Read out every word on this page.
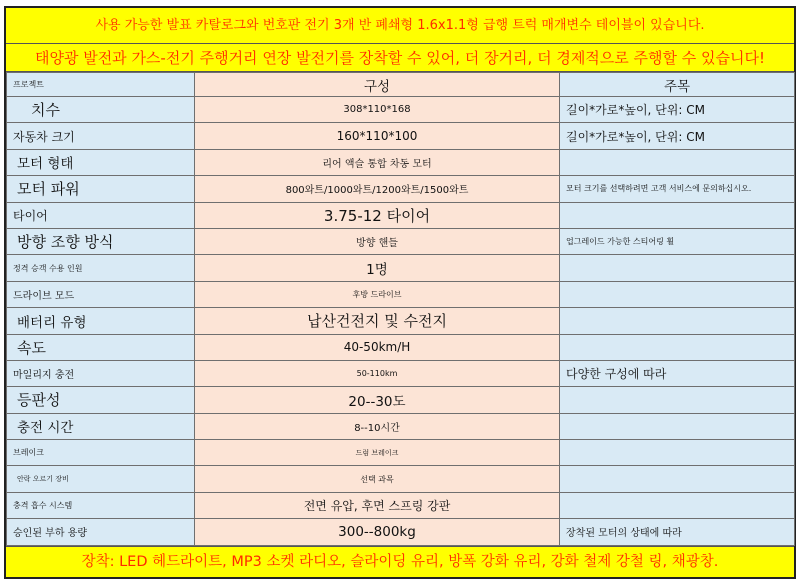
사용 가능한 발표 카탈로그와 번호판 전기 3개 반 폐쇄형 1.6x1.1형 급행 트럭 매개변수 테이블이 있습니다.
태양광 발전과 가스-전기 주행거리 연장 발전기를 장착할 수 있어, 더 장거리, 더 경제적으로 주행할 수 있습니다!
프로젝트	구성	주목
치수	308*110*168	길이*가로*높이, 단위: CM
자동차 크기	160*110*100	길이*가로*높이, 단위: CM
모터 형태	리어 액슬 통합 차동 모터	
모터 파워	800와트/1000와트/1200와트/1500와트	모터 크기를 선택하려면 고객 서비스에 문의하십시오.
타이어	3.75-12 타이어	
방향 조향 방식	방향 핸들	업그레이드 가능한 스티어링 휠
정격 승객 수용 인원	1명	
드라이브 모드	후방 드라이브	
배터리 유형	납산건전지 및 수전지	
속도	40-50km/H	
마일리지 충전	50-110km	다양한 구성에 따라
등판성	20--30도	
충전 시간	8--10시간	
브레이크	드럼 브레이크	
안락 오르기 장비	선택 과목	
충격 흡수 시스템	전면 유압, 후면 스프링 강판	
승인된 부하 용량	300--800kg	장착된 모터의 상태에 따라
장착: LED 헤드라이트, MP3 소켓 라디오, 슬라이딩 유리, 방폭 강화 유리, 강화 철제 강철 링, 채광창.
